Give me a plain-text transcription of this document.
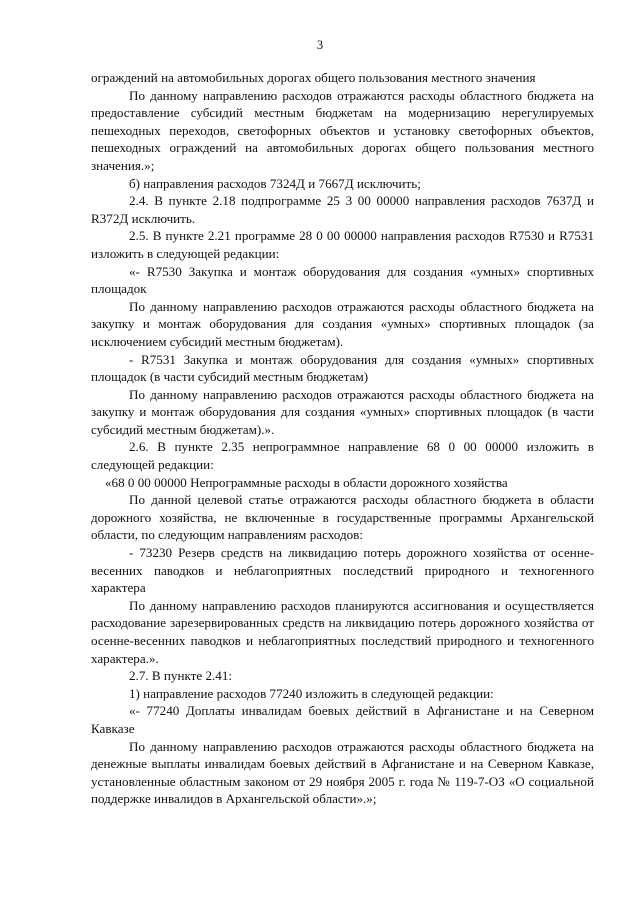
3

ограждений на автомобильных дорогах общего пользования местного значения

По данному направлению расходов отражаются расходы областного бюджета на предоставление субсидий местным бюджетам на модернизацию нерегулируемых пешеходных переходов, светофорных объектов и установку светофорных объектов, пешеходных ограждений на автомобильных дорогах общего пользования местного значения.»;

б) направления расходов 7324Д и 7667Д исключить;

2.4. В пункте 2.18 подпрограмме 25 3 00 00000 направления расходов 7637Д и R372Д исключить.

2.5. В пункте 2.21 программе 28 0 00 00000 направления расходов R7530 и R7531 изложить в следующей редакции:

«- R7530 Закупка и монтаж оборудования для создания «умных» спортивных площадок

По данному направлению расходов отражаются расходы областного бюджета на закупку и монтаж оборудования для создания «умных» спортивных площадок (за исключением субсидий местным бюджетам).

- R7531 Закупка и монтаж оборудования для создания «умных» спортивных площадок (в части субсидий местным бюджетам)

По данному направлению расходов отражаются расходы областного бюджета на закупку и монтаж оборудования для создания «умных» спортивных площадок (в части субсидий местным бюджетам).».

2.6. В пункте 2.35 непрограммное направление 68 0 00 00000 изложить в следующей редакции:

«68 0 00 00000 Непрограммные расходы в области дорожного хозяйства

По данной целевой статье отражаются расходы областного бюджета в области дорожного хозяйства, не включенные в государственные программы Архангельской области, по следующим направлениям расходов:

- 73230 Резерв средств на ликвидацию потерь дорожного хозяйства от осенне-весенних паводков и неблагоприятных последствий природного и техногенного характера

По данному направлению расходов планируются ассигнования и осуществляется расходование зарезервированных средств на ликвидацию потерь дорожного хозяйства от осенне-весенних паводков и неблагоприятных последствий природного и техногенного характера.».

2.7. В пункте 2.41:

1) направление расходов 77240 изложить в следующей редакции:

«- 77240 Доплаты инвалидам боевых действий в Афганистане и на Северном Кавказе

По данному направлению расходов отражаются расходы областного бюджета на денежные выплаты инвалидам боевых действий в Афганистане и на Северном Кавказе, установленные областным законом от 29 ноября 2005 г. года № 119-7-ОЗ «О социальной поддержке инвалидов в Архангельской области».»;
